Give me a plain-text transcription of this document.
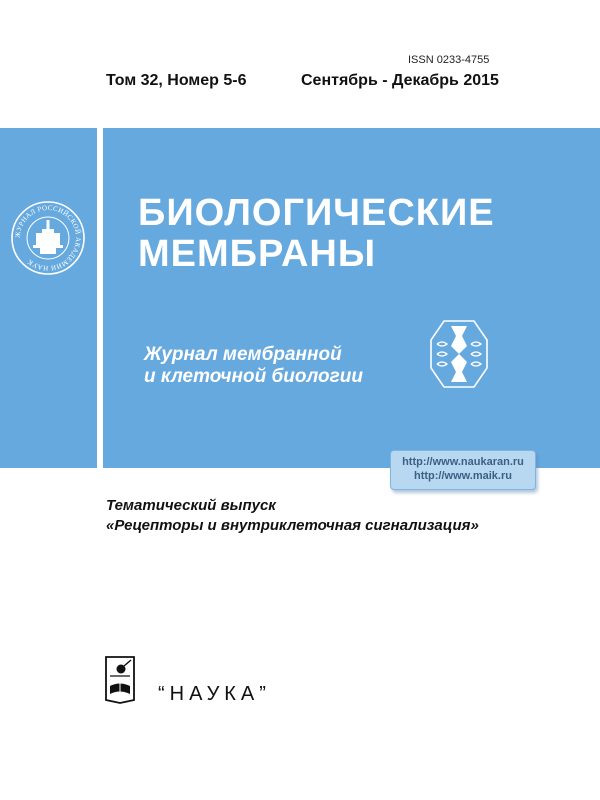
ISSN 0233-4755
Том 32, Номер 5-6	Сентябрь - Декабрь 2015
ЖУРНАЛ РОССИЙСКОЙ АКАДЕМИИ НАУК
БИОЛОГИЧЕСКИЕ
МЕМБРАНЫ

Журнал мембранной
и клеточной биологии

http://www.naukaran.ru
http://www.maik.ru

Тематический выпуск
«Рецепторы и внутриклеточная сигнализация»

“НАУКА”
